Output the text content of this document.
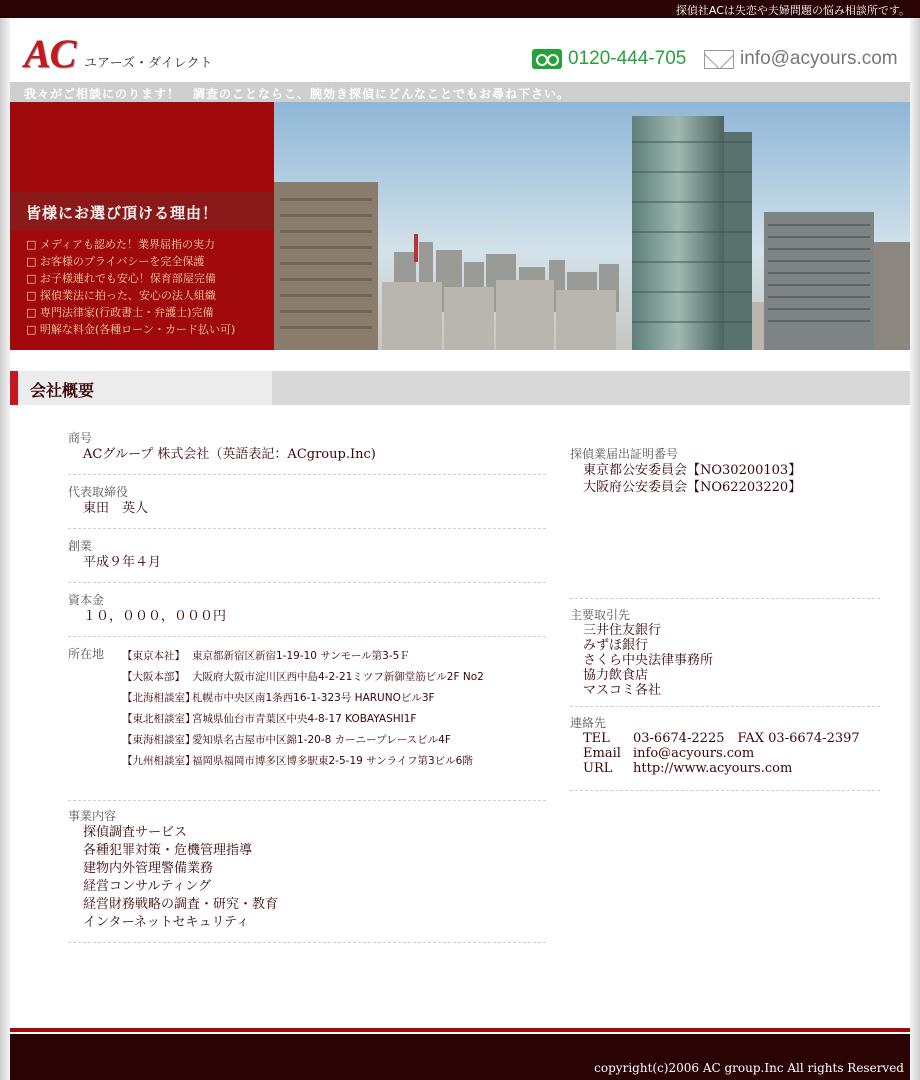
探偵社ACは失恋や夫婦問題の悩み相談所です。
AC ユアーズ・ダイレクト	0120-444-705	info@acyours.com
我々がご相談にのります！　調査のことならこ、腕効き探偵にどんなことでもお尋ね下さい。
皆様にお選び頂ける理由！
□ メディアも認めた！業界屈指の実力
□ お客様のプライバシーを完全保護
□ お子様連れでも安心！保育部屋完備
□ 探偵業法に拍った、安心の法人組織
□ 専門法律家(行政書士・弁護士)完備
□ 明解な料金(各種ローン・カード払い可)
会社概要
商号
ACグループ 株式会社（英語表記：ACgroup.Inc)
代表取締役
東田　英人
創業
平成９年４月
資本金
１０，０００，０００円
所在地	【東京本社】 東京都新宿区新宿1-19-10 サンモール第3-5Ｆ
【大阪本部】 大阪府大阪市淀川区西中島4-2-21ミツフ新御堂筋ビル2F No2
【北海相談室】
札幌市中央区南1条西16-1-323号 HARUNOビル3F
【東北相談室】
宮城県仙台市青葉区中央4-8-17 KOBAYASHI1F
【東海相談室】
愛知県名古屋市中区錦1-20-8 カーニープレースビル4F
【九州相談室】
福岡県福岡市博多区博多駅東2-5-19 サンライフ第3ビル6階
事業内容
探偵調査サービス
各種犯罪対策・危機管理指導
建物内外管理警備業務
経営コンサルティング
経営財務戦略の調査・研究・教育
インターネットセキュリティ
探偵業届出証明番号
東京都公安委員会【NO30200103】
大阪府公安委員会【NO62203220】
主要取引先
三井住友銀行
みずほ銀行
さくら中央法律事務所
協力飲食店
マスコミ各社
連絡先
TEL	03-6674-2225　FAX 03-6674-2397
Email info@acyours.com
URL	http://www.acyours.com
copyright(c)2006 AC group.Inc All rights Reserved
